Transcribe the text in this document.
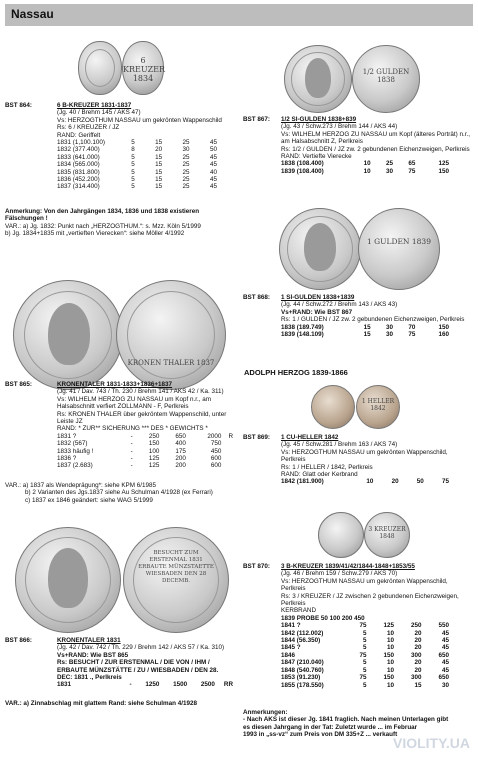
Nassau
6 KREUZER 1834
BST 864:	6 B-KREUZER 1831-1837
(Jg. 40 / Brehm 145 / AKS 47)
Vs: HERZOGTHUM NASSAU um gekrönten Wappenschild
Rs: 6 / KREUZER / JZ
RAND: Geriffelt
1831 (1,100.100)	5	15	25	45
1832 (377.400)	8	20	30	50
1833 (641.000)	5	15	25	45
1834 (565.000)	5	15	25	45
1835 (831.800)	5	15	25	40
1836 (452.200)	5	15	25	45
1837 (314.400)	5	15	25	45
Anmerkung: Von den Jahrgängen 1834, 1836 und 1838 existieren Fälschungen !
VAR.: a) Jg. 1832: Punkt nach „HERZOGTHUM.“: s. Mzz. Köln 5/1999
b) Jg. 1834+1835 mit „vertieften Vierecken“: siehe Möller 4/1992
KRONEN THALER 1837
BST 865:	KRONENTALER 1831-1833+1836+1837
(Jg. 41 / Dav. 743 / Th. 230 / Brehm 141 / AKS 42 / Ka. 311)
Vs: WILHELM HERZOG ZU NASSAU um Kopf n.r., am Halsabschnitt verfiert ZOLLMANN - F, Perlkreis
Rs: KRONEN THALER über gekröntem Wappenschild, unter Leiste JZ
RAND: * ZUR** SICHERUNG *** DES * GEWICHTS *
1831 ?	-	250	650	2000	R
1832 (567)	-	150	400	750	
1833 häufig !	-	100	175	450	
1836 ?	-	125	200	600	
1837 (2.683)	-	125	200	600	
VAR.: a) 1837 als Wendeprägung*: siehe KPM 6/1985
b) 2 Varianten des Jgs.1837 siehe Au Schulman 4/1928 (ex Ferrari)
c) 1837 ex 1846 geändert: siehe WAG 5/1999
BESUCHT ZUM ERSTENMAL 1831 ERBAUTE MÜNZSTAETTE WIESBADEN DEN 28 DECEMB.
BST 866:	KRONENTALER 1831
(Jg. 42 / Dav. 742 / Th. 229 / Brehm 142 / AKS 57 / Ka. 310)
Vs+RAND: Wie BST 865
Rs: BESUCHT / ZUR ERSTENMAL / DIE VON / IHM / ERBAUTE MÜNZSTÄTTE / ZU / WIESBADEN / DEN 28. DEC: 1831 ., Perlkreis
1831	-	1250	1500	2500	RR
VAR.: a) Zinnabschlag mit glattem Rand: siehe Schulman 4/1928
1/2 GULDEN 1838
BST 867: 1/2 SI-GULDEN 1838+839
(Jg. 43 / Schw.273 / Brehm 144 / AKS 44)
Vs: WILHELM HERZOG ZU NASSAU um Kopf (älteres Porträt) n.r., am Halsabschnitt Z, Perlkreis
Rs: 1/2 / GULDEN / JZ zw. 2 gebundenen Eichenzweigen, Perlkreis
RAND: Vertiefte Vierecke
1838 (108.400)	10	25	65	125
1839 (108.400)	10	30	75	150
1 GULDEN 1839
BST 868: 1 SI-GULDEN 1838+1839
(Jg. 44 / Schw.272 / Brehm 143 / AKS 43)
Vs+RAND: Wie BST 867
Rs: 1 / GULDEN / JZ zw. 2 gebundenen Eichenzweigen, Perlkreis
1838 (189.749)	15	30	70	150
1839 (148.109)	15	30	75	160
ADOLPH HERZOG 1839-1866
1 HELLER 1842
BST 869: 1 CU-HELLER 1842
(Jg. 45 / Schw.281 / Brehm 163 / AKS 74)
Vs: HERZOGTHUM NASSAU um gekrönten Wappenschild, Perlkreis
Rs: 1 / HELLER / 1842, Perlkreis
RAND: Glatt oder Kerbrand
1842 (181.900)	10	20	50	75
3 KREUZER 1848
BST 870: 3 B-KREUZER 1839/41/42/1844-1848+1853/55
(Jg. 46 / Brehm 159 / Schw.279 / AKS 70)
Vs: HERZOGTHUM NASSAU um gekrönten Wappenschild, Perlkreis
Rs: 3 / KREUZER / JZ zwischen 2 gebundenen Eichenzweigen, Perlkreis
KERBRAND
1839 PROBE 50 100 200 450
1841 ?	75	125	250	550
1842 (112.002)	5	10	20	45
1844 (56.350)	5	10	20	45
1845 ?	5	10	20	45
1846	75	150	300	650
1847 (210.040)	5	10	20	45
1848 (540.760)	5	10	20	45
1853 (91.230)	75	150	300	650
1855 (178.550)	5	10	15	30
Anmerkungen:
- Nach AKS ist dieser Jg. 1841 fraglich. Nach meinen Unterlagen gibt
es diesen Jahrgang in der Tat: Zuletzt wurde ... im Februar
1993 in „ss-vz“ zum Preis von DM 335+Z ... verkauft
VIOLITY.UA
